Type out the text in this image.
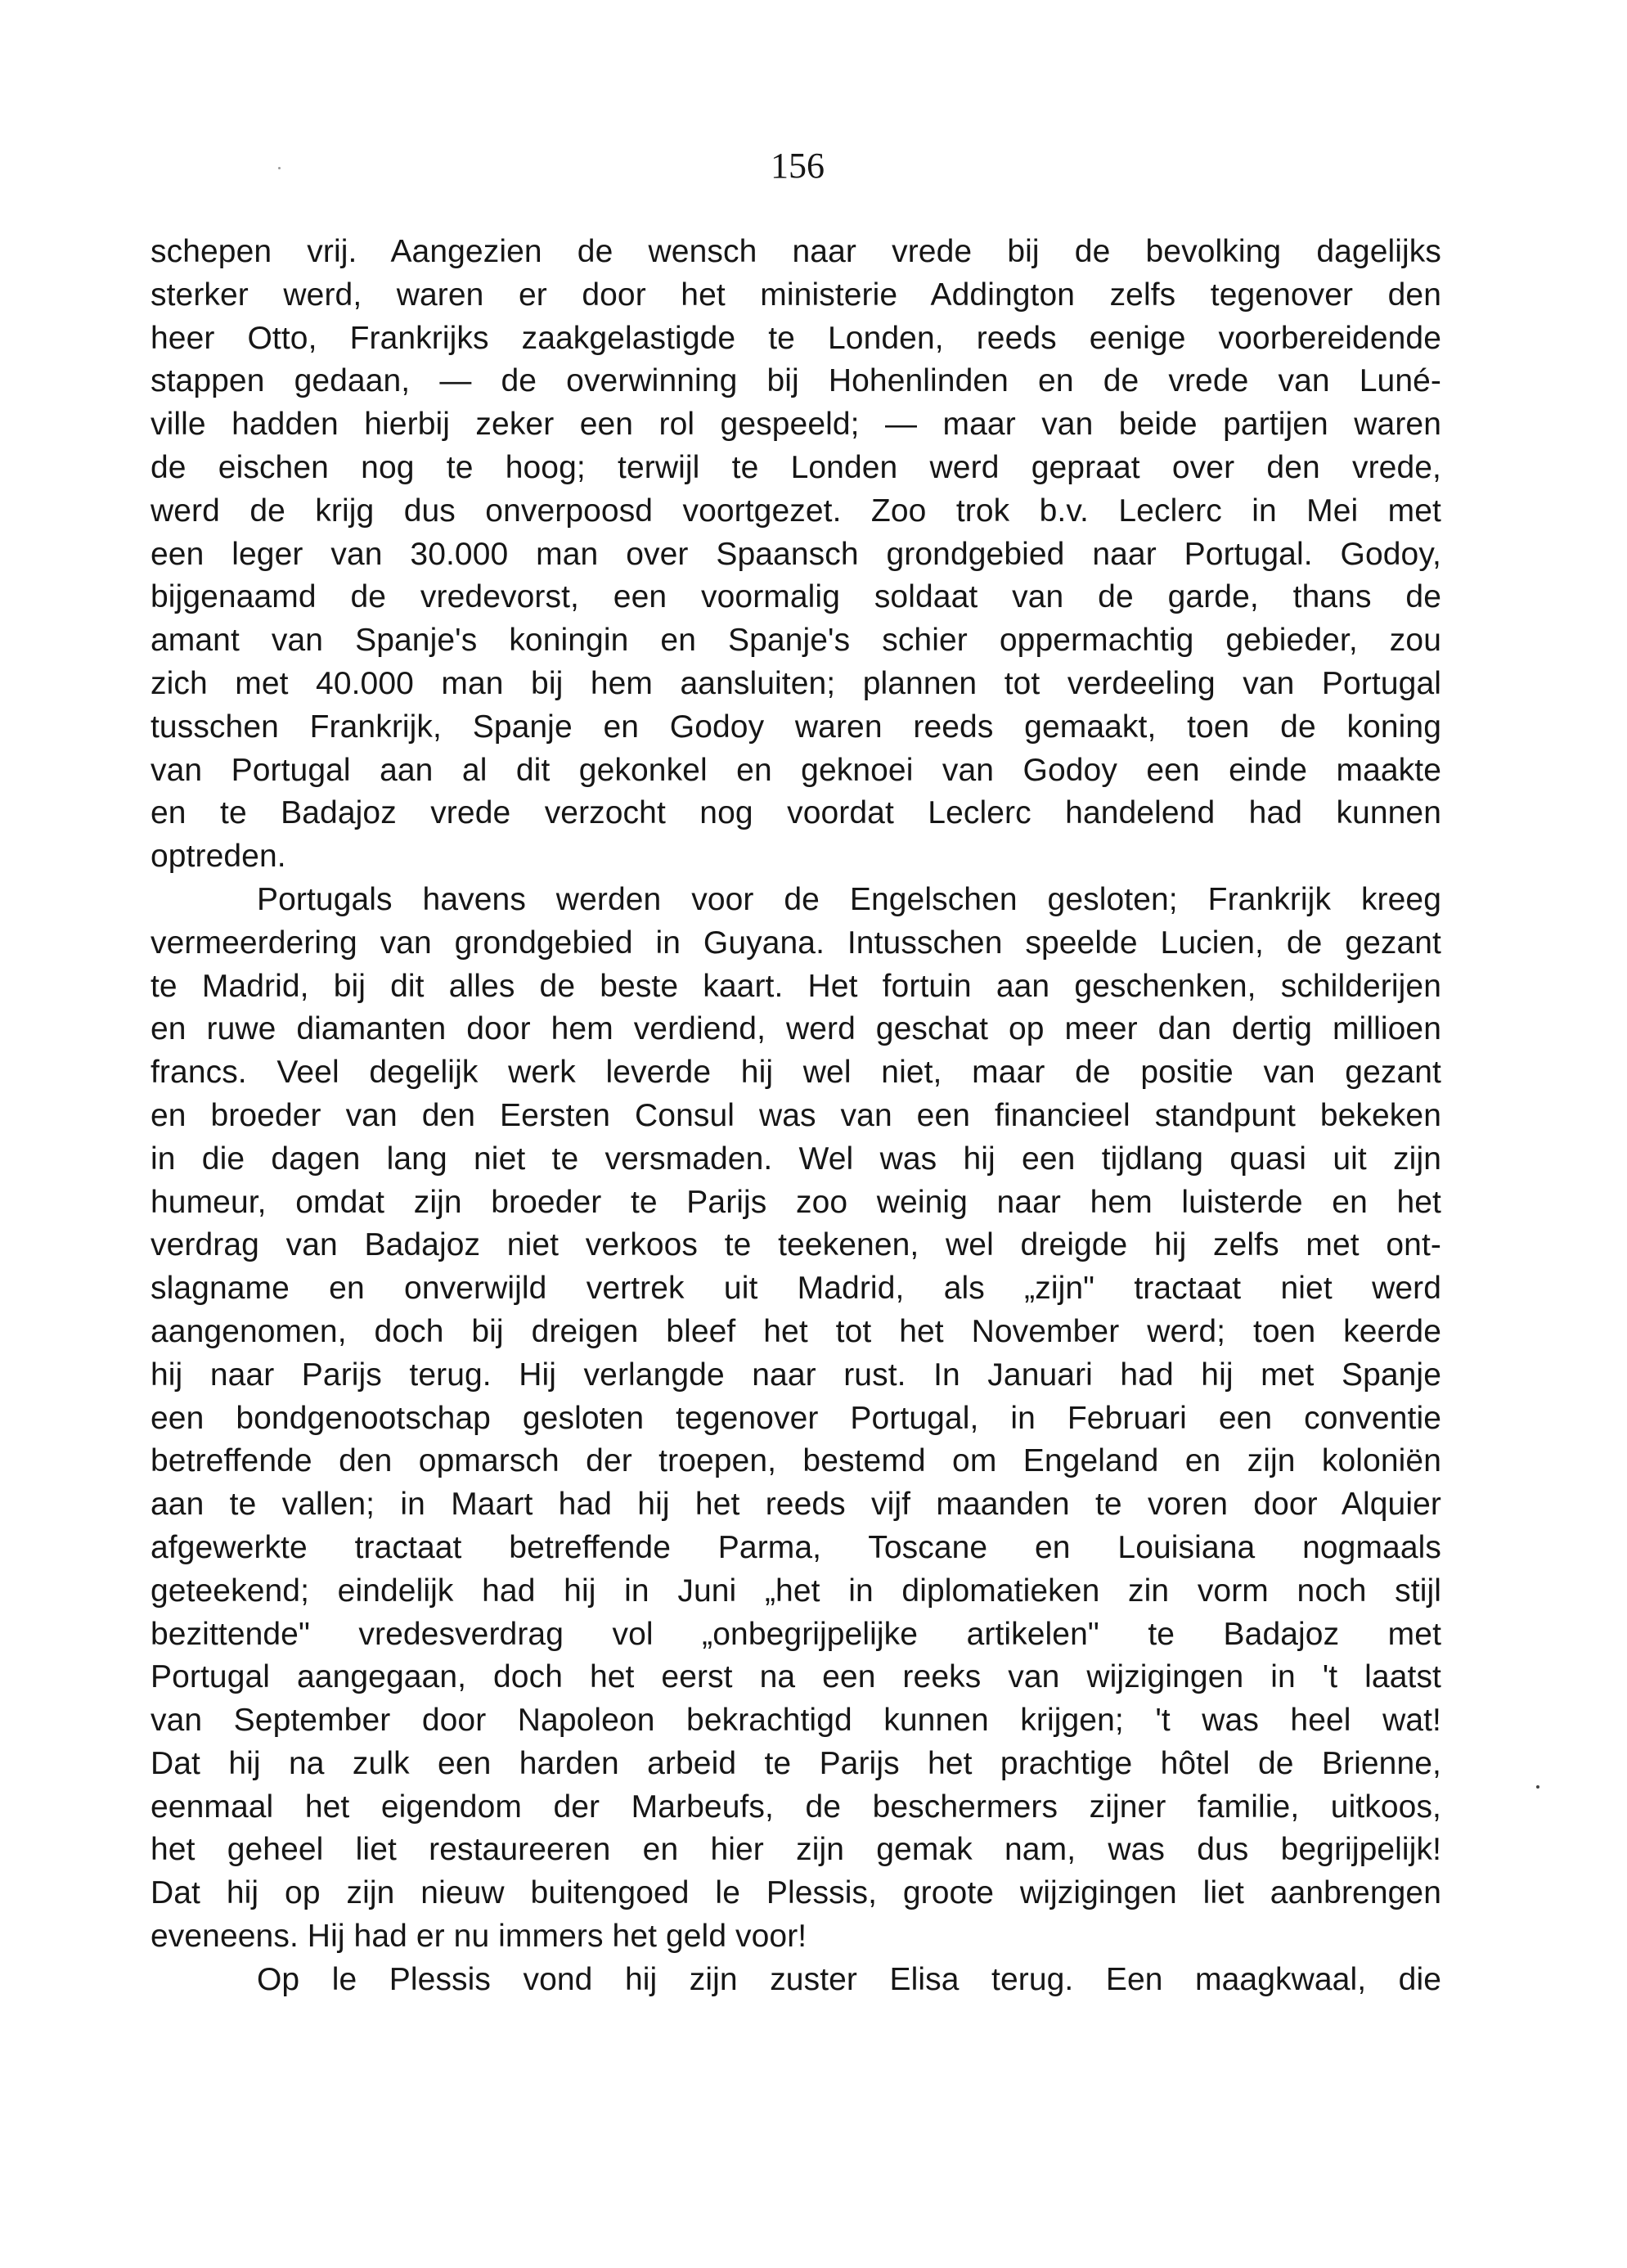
156
schepen vrij. Aangezien de wensch naar vrede bij de bevolking dagelijks
sterker werd, waren er door het ministerie Addington zelfs tegenover den
heer Otto, Frankrijks zaakgelastigde te Londen, reeds eenige voorbereidende
stappen gedaan, — de overwinning bij Hohenlinden en de vrede van Luné-
ville hadden hierbij zeker een rol gespeeld; — maar van beide partijen waren
de eischen nog te hoog; terwijl te Londen werd gepraat over den vrede,
werd de krijg dus onverpoosd voortgezet. Zoo trok b.v. Leclerc in Mei met
een leger van 30.000 man over Spaansch grondgebied naar Portugal. Godoy,
bijgenaamd de vredevorst, een voormalig soldaat van de garde, thans de
amant van Spanje's koningin en Spanje's schier oppermachtig gebieder, zou
zich met 40.000 man bij hem aansluiten; plannen tot verdeeling van Portugal
tusschen Frankrijk, Spanje en Godoy waren reeds gemaakt, toen de koning
van Portugal aan al dit gekonkel en geknoei van Godoy een einde maakte
en te Badajoz vrede verzocht nog voordat Leclerc handelend had kunnen
optreden.
Portugals havens werden voor de Engelschen gesloten; Frankrijk kreeg
vermeerdering van grondgebied in Guyana. Intusschen speelde Lucien, de gezant
te Madrid, bij dit alles de beste kaart. Het fortuin aan geschenken, schilderijen
en ruwe diamanten door hem verdiend, werd geschat op meer dan dertig millioen
francs. Veel degelijk werk leverde hij wel niet, maar de positie van gezant
en broeder van den Eersten Consul was van een financieel standpunt bekeken
in die dagen lang niet te versmaden. Wel was hij een tijdlang quasi uit zijn
humeur, omdat zijn broeder te Parijs zoo weinig naar hem luisterde en het
verdrag van Badajoz niet verkoos te teekenen, wel dreigde hij zelfs met ont-
slagname en onverwijld vertrek uit Madrid, als „zijn" tractaat niet werd
aangenomen, doch bij dreigen bleef het tot het November werd; toen keerde
hij naar Parijs terug. Hij verlangde naar rust. In Januari had hij met Spanje
een bondgenootschap gesloten tegenover Portugal, in Februari een conventie
betreffende den opmarsch der troepen, bestemd om Engeland en zijn koloniën
aan te vallen; in Maart had hij het reeds vijf maanden te voren door Alquier
afgewerkte tractaat betreffende Parma, Toscane en Louisiana nogmaals
geteekend; eindelijk had hij in Juni „het in diplomatieken zin vorm noch stijl
bezittende" vredesverdrag vol „onbegrijpelijke artikelen" te Badajoz met
Portugal aangegaan, doch het eerst na een reeks van wijzigingen in 't laatst
van September door Napoleon bekrachtigd kunnen krijgen; 't was heel wat!
Dat hij na zulk een harden arbeid te Parijs het prachtige hôtel de Brienne,
eenmaal het eigendom der Marbeufs, de beschermers zijner familie, uitkoos,
het geheel liet restaureeren en hier zijn gemak nam, was dus begrijpelijk!
Dat hij op zijn nieuw buitengoed le Plessis, groote wijzigingen liet aanbrengen
eveneens. Hij had er nu immers het geld voor!
Op le Plessis vond hij zijn zuster Elisa terug. Een maagkwaal, die
